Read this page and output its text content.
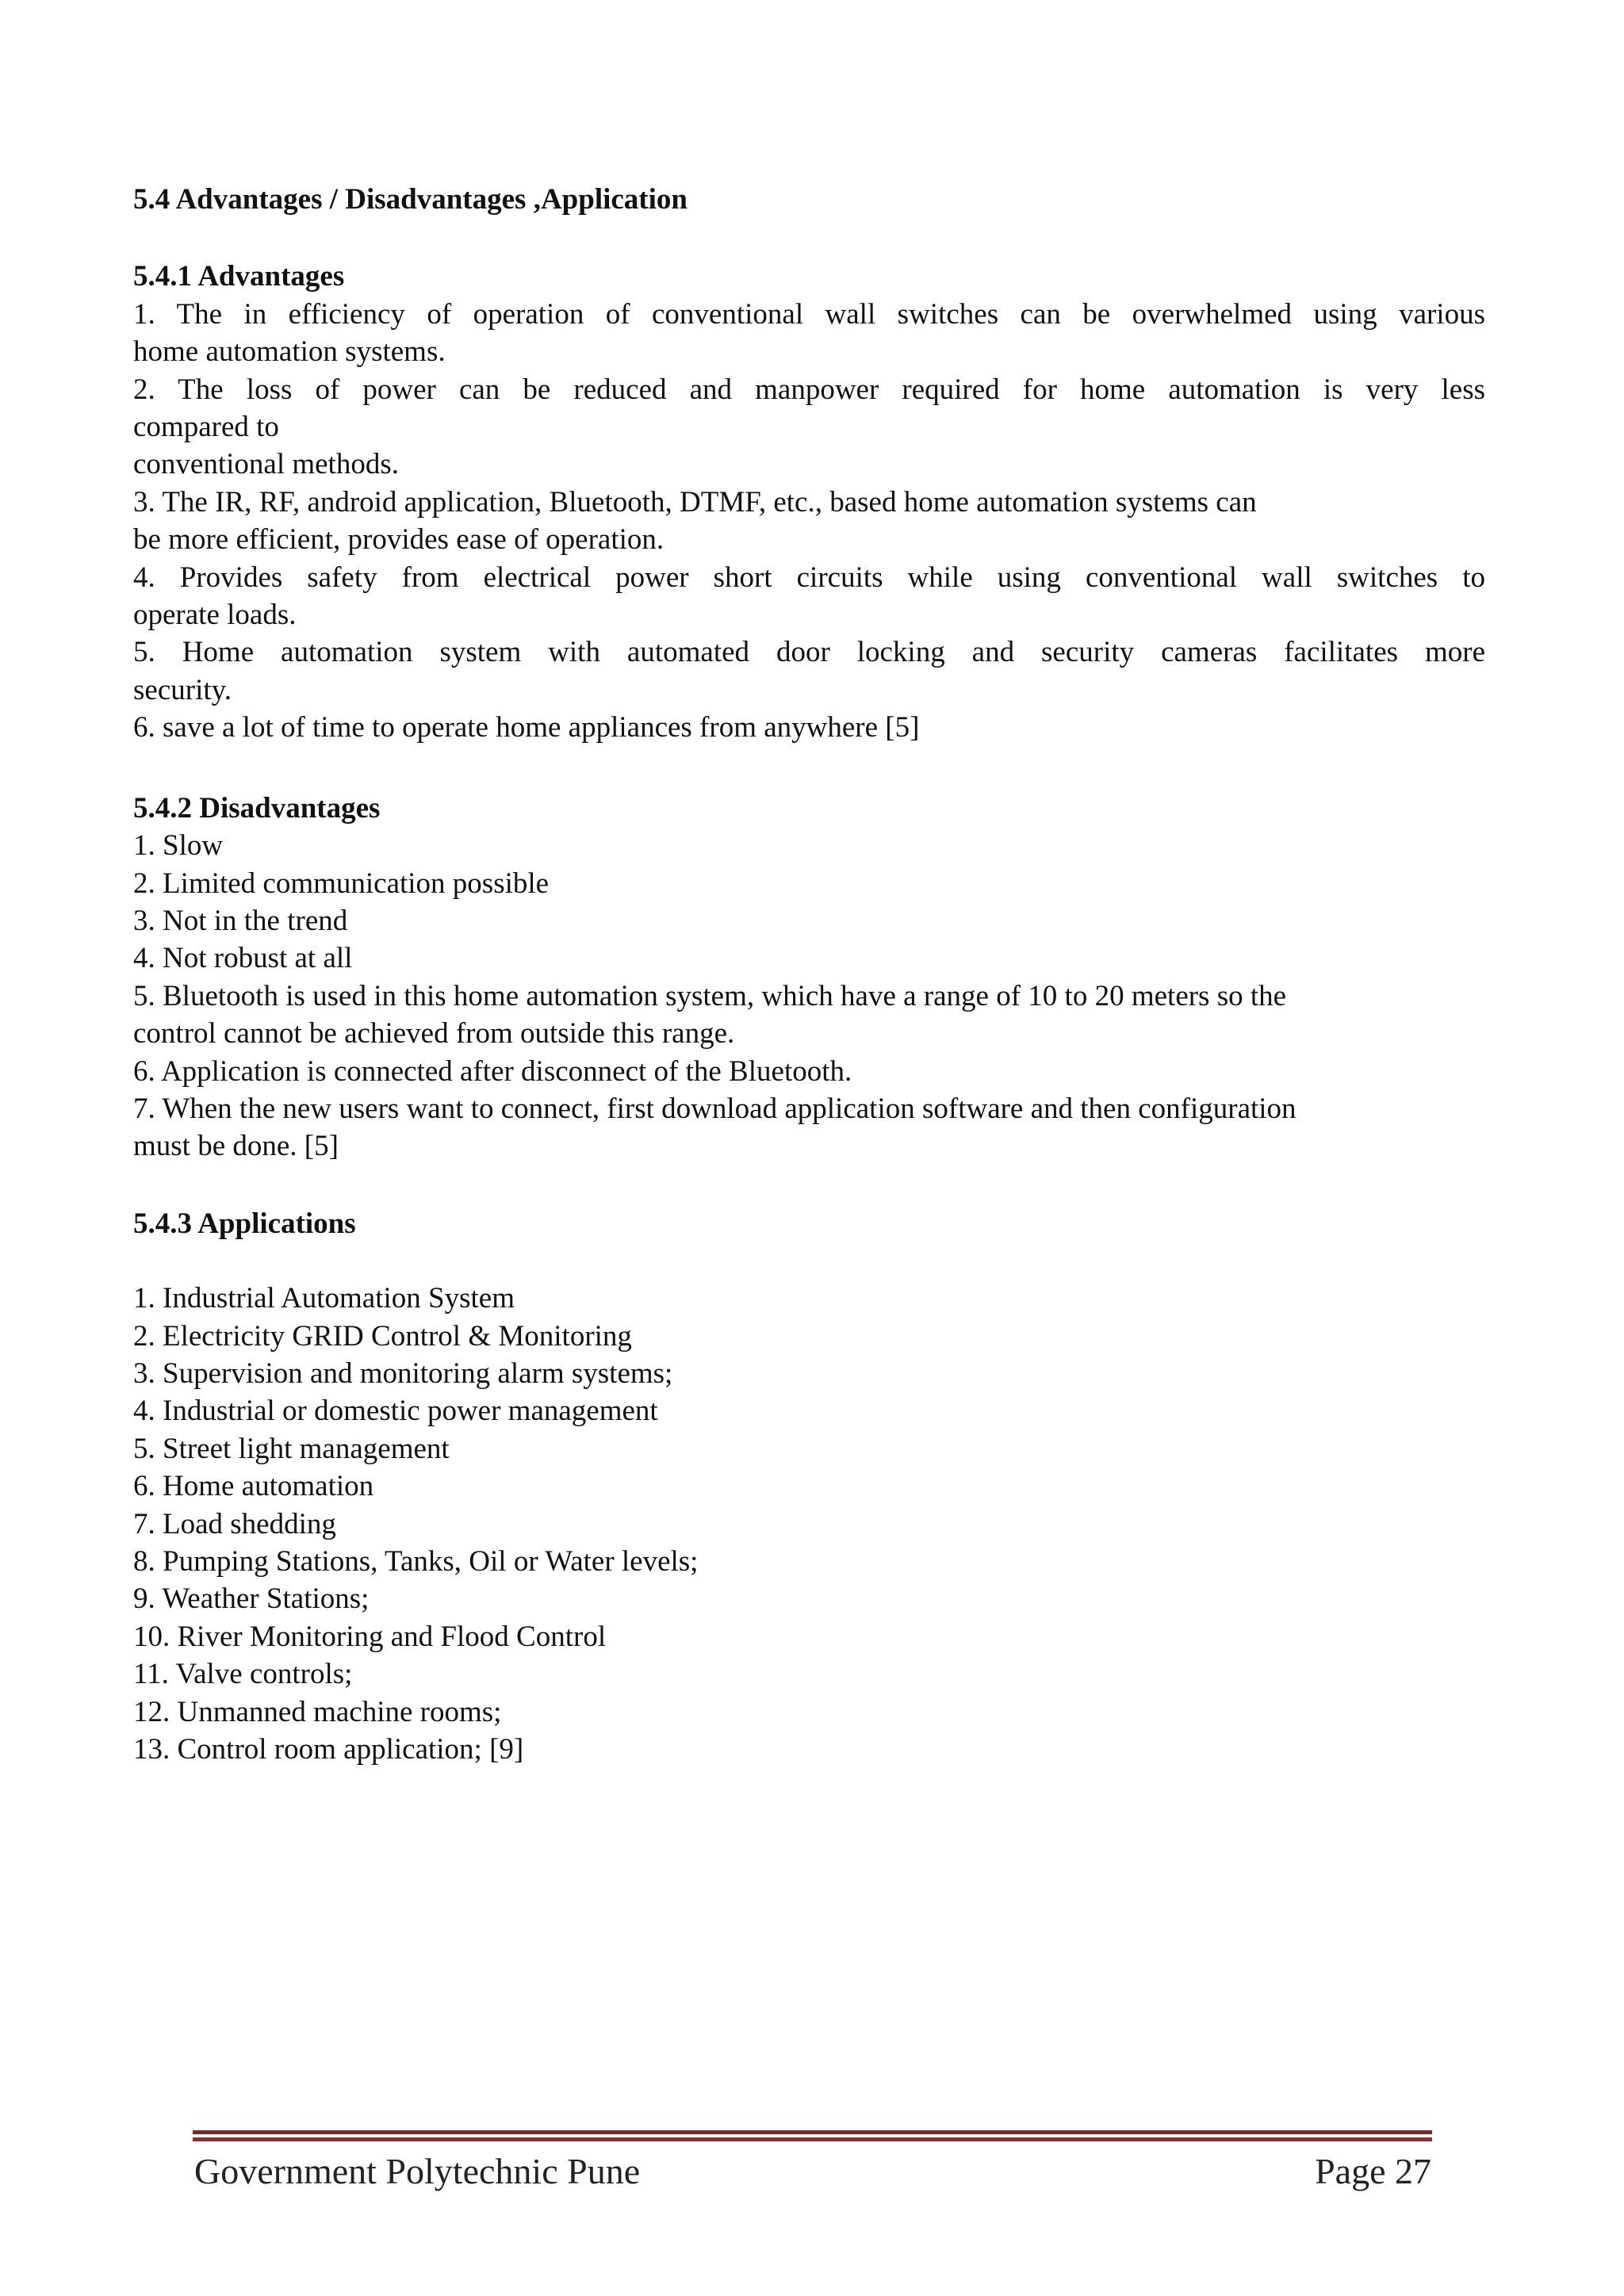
5.4 Advantages / Disadvantages ,Application
5.4.1 Advantages
1. The in efficiency of operation of conventional wall switches can be overwhelmed using various
home automation systems.
2. The loss of power can be reduced and manpower required for home automation is very less
compared to
conventional methods.
3. The IR, RF, android application, Bluetooth, DTMF, etc., based home automation systems can
be more efficient, provides ease of operation.
4. Provides safety from electrical power short circuits while using conventional wall switches to
operate loads.
5. Home automation system with automated door locking and security cameras facilitates more
security.
6. save a lot of time to operate home appliances from anywhere [5]
5.4.2 Disadvantages
1. Slow
2. Limited communication possible
3. Not in the trend
4. Not robust at all
5. Bluetooth is used in this home automation system, which have a range of 10 to 20 meters so the
control cannot be achieved from outside this range.
6. Application is connected after disconnect of the Bluetooth.
7. When the new users want to connect, first download application software and then configuration
must be done. [5]
5.4.3 Applications
1. Industrial Automation System
2. Electricity GRID Control & Monitoring
3. Supervision and monitoring alarm systems;
4. Industrial or domestic power management
5. Street light management
6. Home automation
7. Load shedding
8. Pumping Stations, Tanks, Oil or Water levels;
9. Weather Stations;
10. River Monitoring and Flood Control
11. Valve controls;
12. Unmanned machine rooms;
13. Control room application; [9]
Government Polytechnic Pune	Page 27
